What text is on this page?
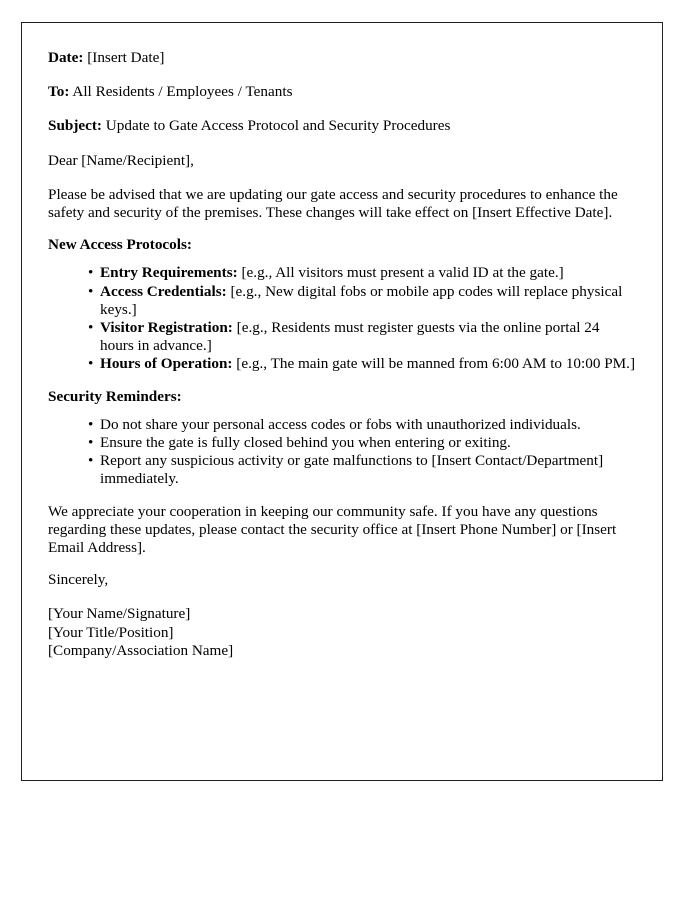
Date: [Insert Date]

To: All Residents / Employees / Tenants

Subject: Update to Gate Access Protocol and Security Procedures

Dear [Name/Recipient],

Please be advised that we are updating our gate access and security procedures to enhance the safety and security of the premises. These changes will take effect on [Insert Effective Date].

New Access Protocols:

• Entry Requirements: [e.g., All visitors must present a valid ID at the gate.]
• Access Credentials: [e.g., New digital fobs or mobile app codes will replace physical keys.]
• Visitor Registration: [e.g., Residents must register guests via the online portal 24 hours in advance.]
• Hours of Operation: [e.g., The main gate will be manned from 6:00 AM to 10:00 PM.]

Security Reminders:

• Do not share your personal access codes or fobs with unauthorized individuals.
• Ensure the gate is fully closed behind you when entering or exiting.
• Report any suspicious activity or gate malfunctions to [Insert Contact/Department] immediately.

We appreciate your cooperation in keeping our community safe. If you have any questions regarding these updates, please contact the security office at [Insert Phone Number] or [Insert Email Address].

Sincerely,

[Your Name/Signature]
[Your Title/Position]
[Company/Association Name]
